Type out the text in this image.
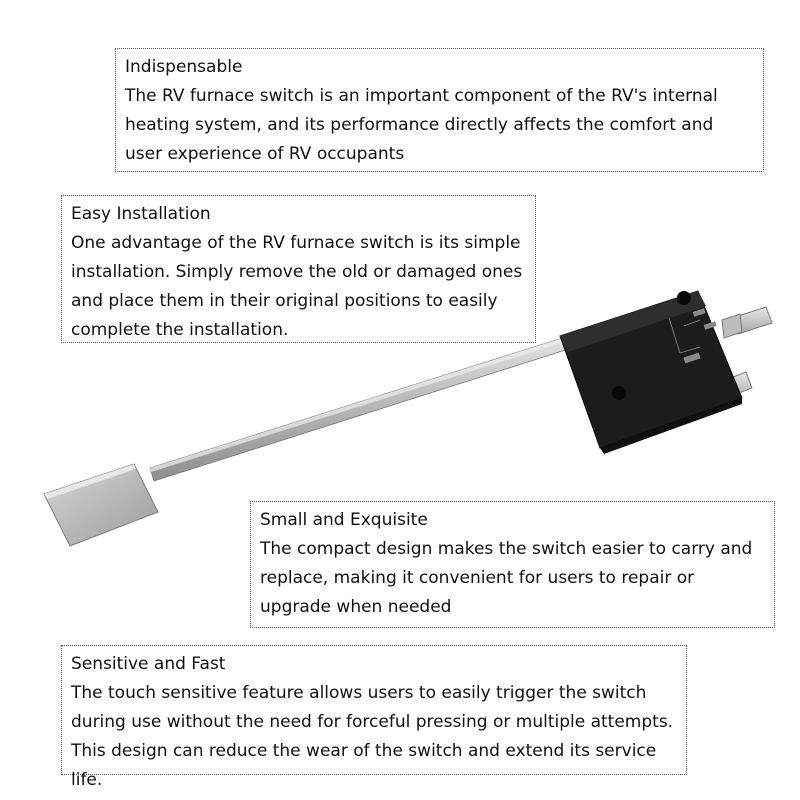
Indispensable
The RV furnace switch is an important component of the RV's internal heating system, and its performance directly affects the comfort and user experience of RV occupants
Easy Installation
One advantage of the RV furnace switch is its simple installation. Simply remove the old or damaged ones and place them in their original positions to easily complete the installation.
Small and Exquisite
The compact design makes the switch easier to carry and replace, making it convenient for users to repair or upgrade when needed
Sensitive and Fast
The touch sensitive feature allows users to easily trigger the switch during use without the need for forceful pressing or multiple attempts. This design can reduce the wear of the switch and extend its service life.
